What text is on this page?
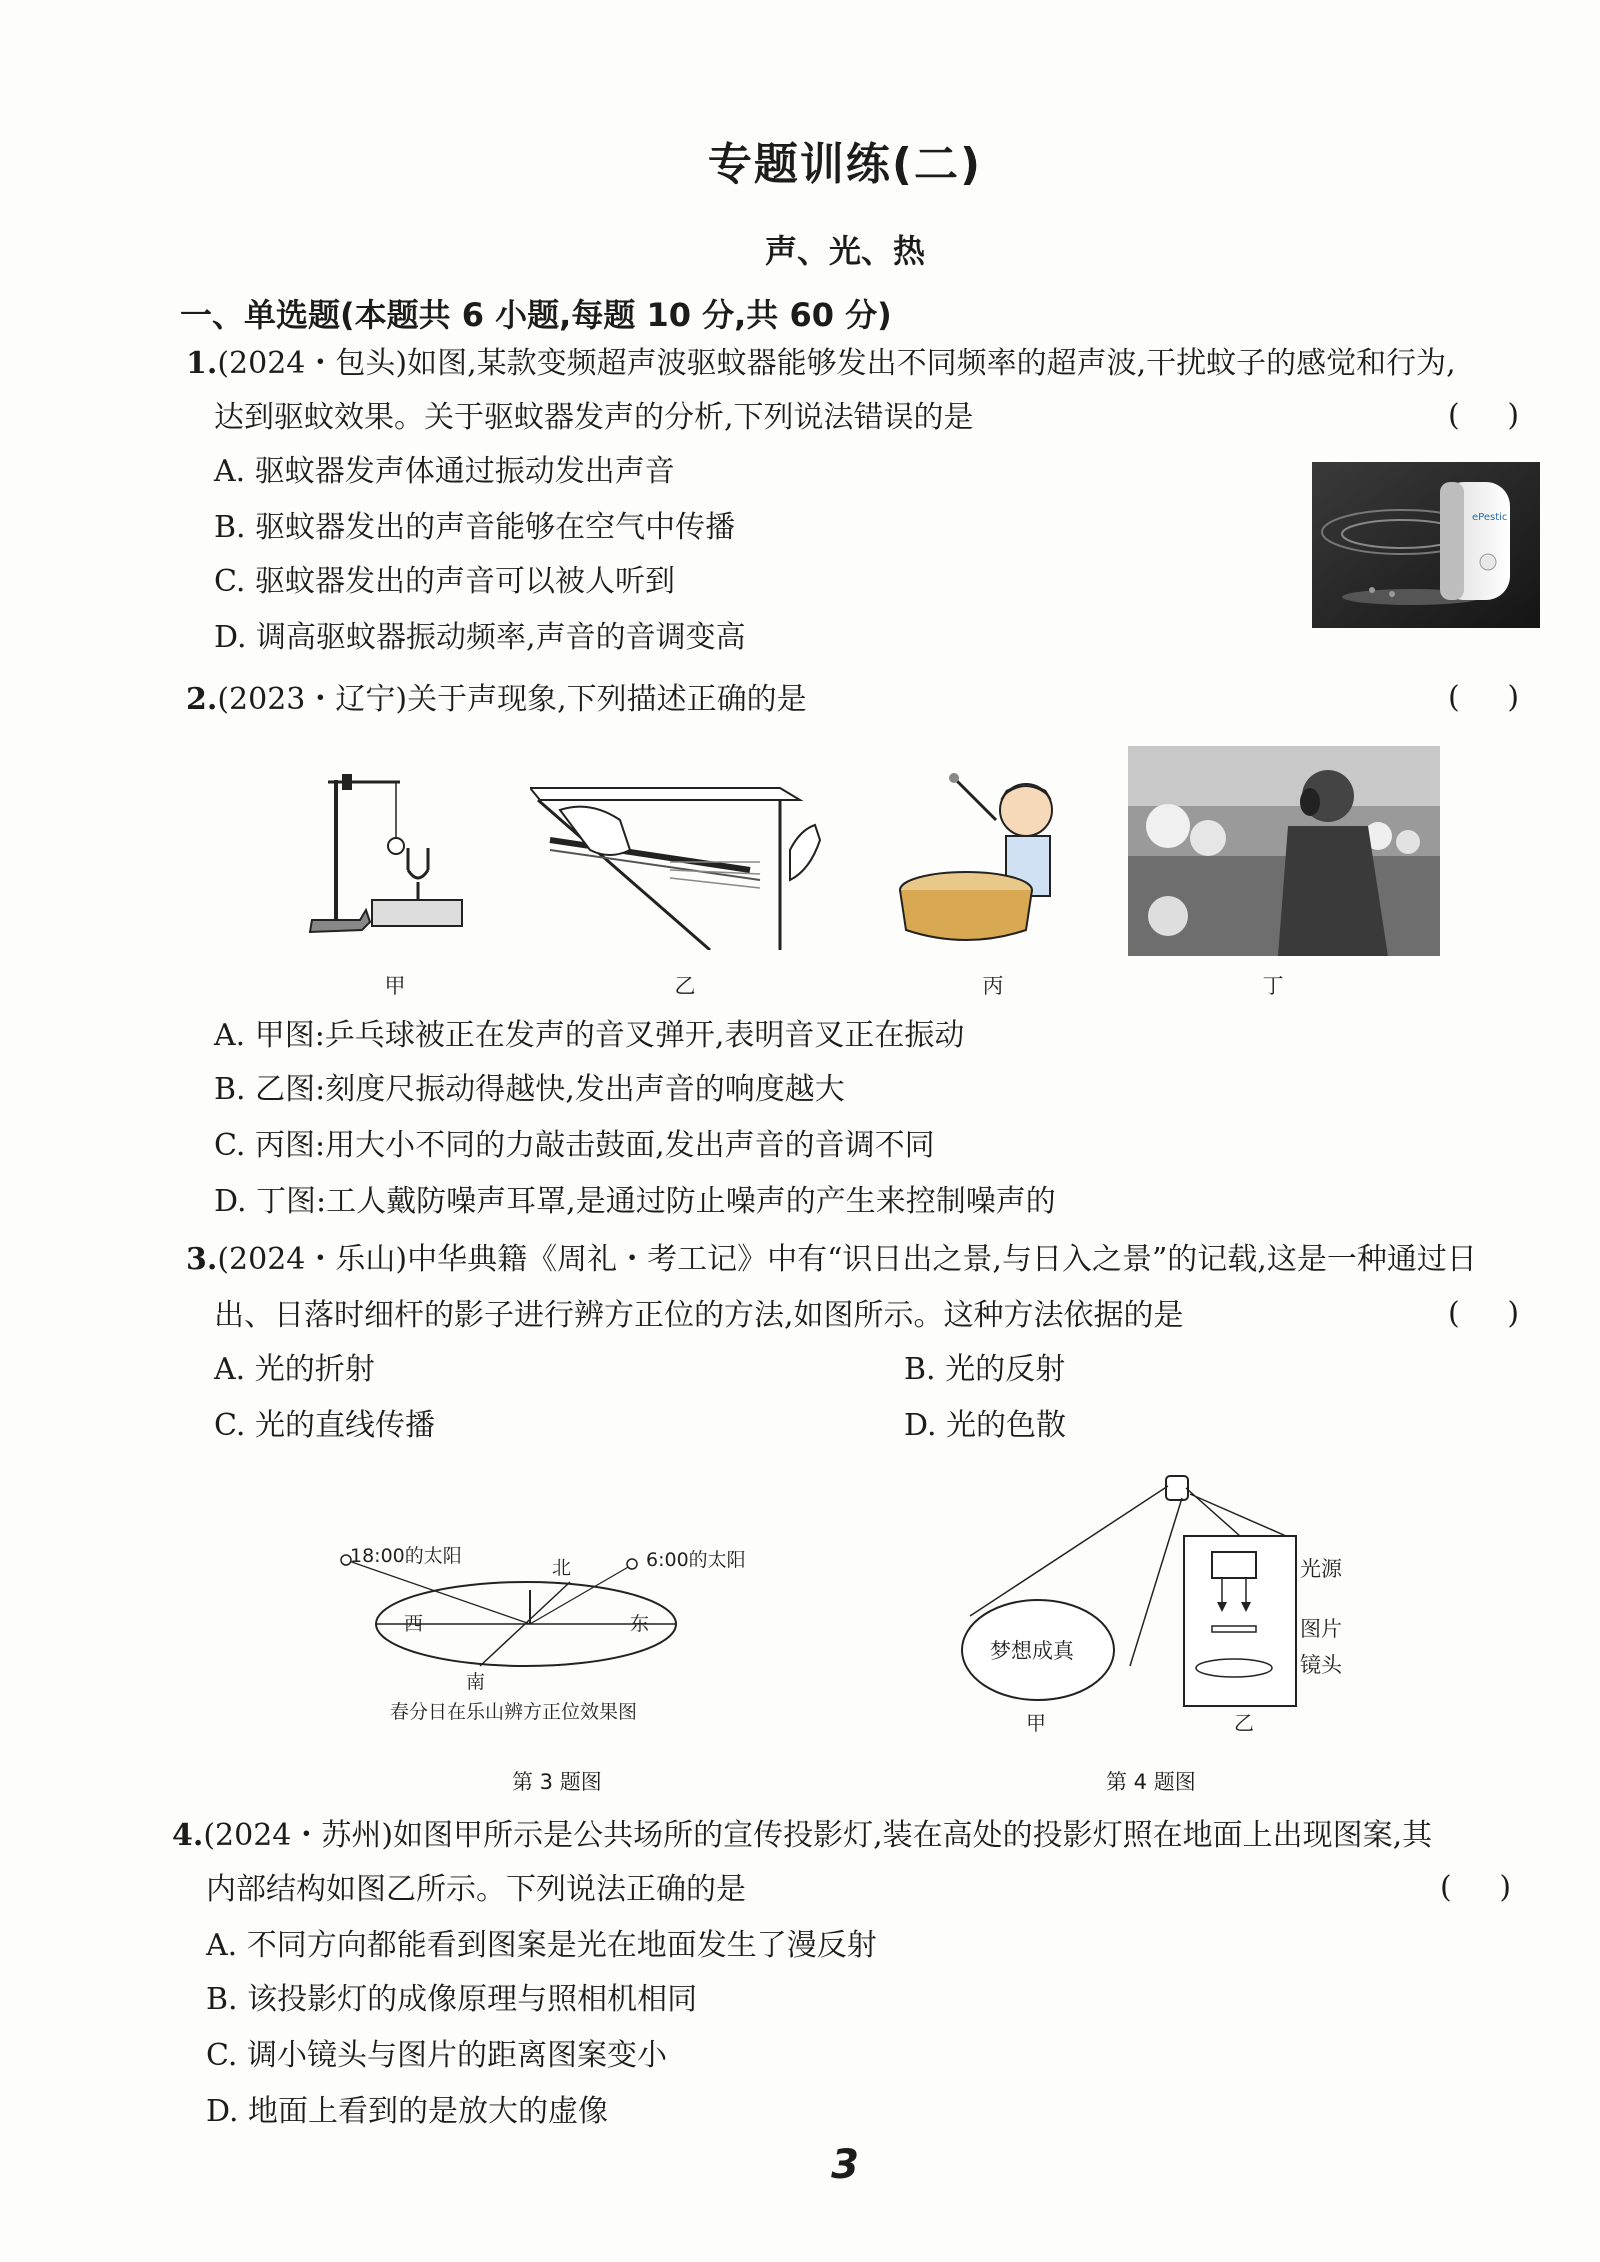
专题训练(二)
声、光、热
一、单选题(本题共 6 小题,每题 10 分,共 60 分)
1.(2024・包头)如图,某款变频超声波驱蚊器能够发出不同频率的超声波,干扰蚊子的感觉和行为,
达到驱蚊效果。关于驱蚊器发声的分析,下列说法错误的是	(     )
A. 驱蚊器发声体通过振动发出声音
B. 驱蚊器发出的声音能够在空气中传播
C. 驱蚊器发出的声音可以被人听到
D. 调高驱蚊器振动频率,声音的音调变高
ePestic
2.(2023・辽宁)关于声现象,下列描述正确的是	(     )
甲	乙	丙	丁
A. 甲图:乒乓球被正在发声的音叉弹开,表明音叉正在振动
B. 乙图:刻度尺振动得越快,发出声音的响度越大
C. 丙图:用大小不同的力敲击鼓面,发出声音的音调不同
D. 丁图:工人戴防噪声耳罩,是通过防止噪声的产生来控制噪声的
3.(2024・乐山)中华典籍《周礼・考工记》中有“识日出之景,与日入之景”的记载,这是一种通过日
出、日落时细杆的影子进行辨方正位的方法,如图所示。这种方法依据的是	(     )
A. 光的折射	B. 光的反射
C. 光的直线传播	D. 光的色散
18:00的太阳	6:00的太阳
北
西	东
南
春分日在乐山辨方正位效果图
第 3 题图
梦想成真
光源
图片
镜头
甲	乙
第 4 题图
4.(2024・苏州)如图甲所示是公共场所的宣传投影灯,装在高处的投影灯照在地面上出现图案,其
内部结构如图乙所示。下列说法正确的是	(     )
A. 不同方向都能看到图案是光在地面发生了漫反射
B. 该投影灯的成像原理与照相机相同
C. 调小镜头与图片的距离图案变小
D. 地面上看到的是放大的虚像
3
